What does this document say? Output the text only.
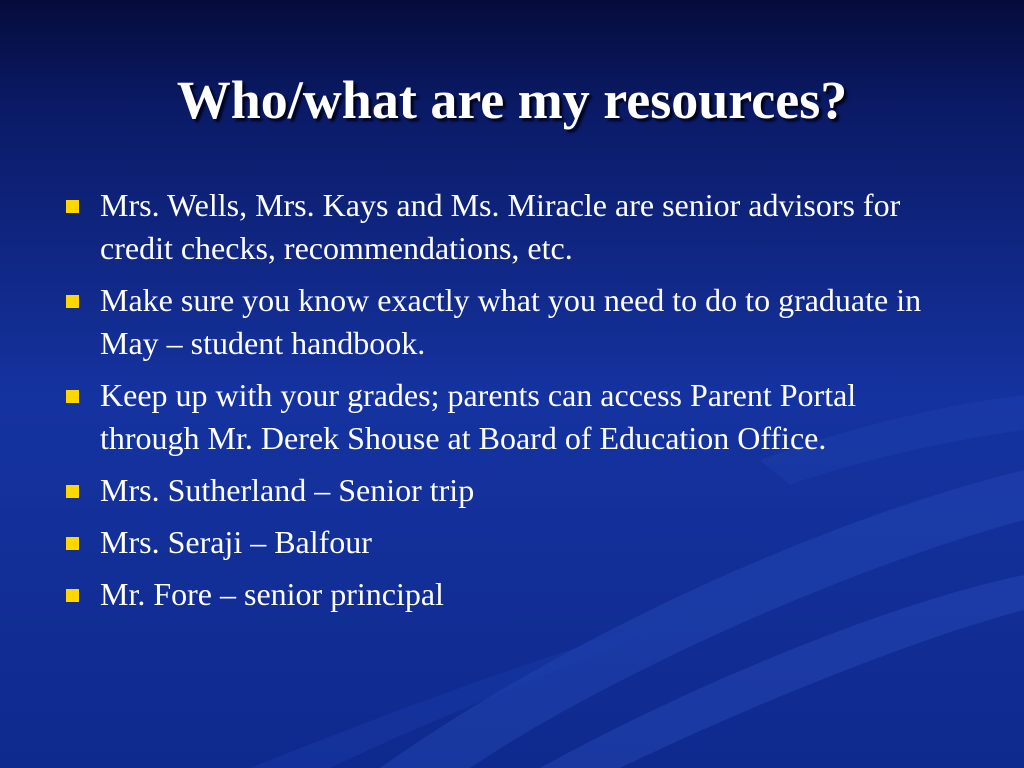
Who/what are my resources?
Mrs. Wells, Mrs. Kays and Ms. Miracle are senior advisors for credit checks, recommendations, etc.
Make sure you know exactly what you need to do to graduate in May – student handbook.
Keep up with your grades; parents can access Parent Portal through Mr. Derek Shouse at Board of Education Office.
Mrs. Sutherland – Senior trip
Mrs. Seraji – Balfour
Mr. Fore – senior principal
